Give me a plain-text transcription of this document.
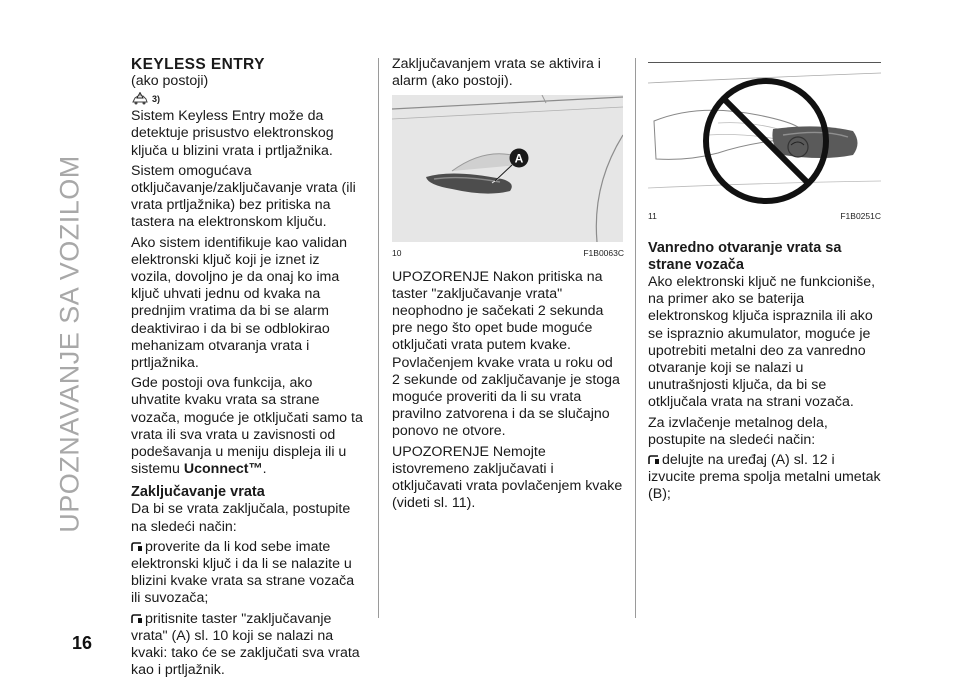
UPOZNAVANJE SA VOZILOM

KEYLESS ENTRY

(ako postoji)

3)

Sistem Keyless Entry može da detektuje prisustvo elektronskog ključa u blizini vrata i prtljažnika.

Sistem omogućava otključavanje/zaključavanje vrata (ili vrata prtljažnika) bez pritiska na tastera na elektronskom ključu.

Ako sistem identifikuje kao validan elektronski ključ koji je iznet iz vozila, dovoljno je da onaj ko ima ključ uhvati jednu od kvaka na prednjim vratima da bi se alarm deaktivirao i da bi se odblokirao mehanizam otvaranja vrata i prtljažnika.

Gde postoji ova funkcija, ako uhvatite kvaku vrata sa strane vozača, moguće je otključati samo ta vrata ili sva vrata u zavisnosti od podešavanja u meniju displeja ili u sistemu Uconnect™.

Zaključavanje vrata

Da bi se vrata zaključala, postupite na sledeći način:

proverite da li kod sebe imate elektronski ključ i da li se nalazite u blizini kvake vrata sa strane vozača ili suvozača;

pritisnite taster "zaključavanje vrata" (A) sl. 10 koji se nalazi na kvaki: tako će se zaključati sva vrata kao i prtljažnik.

Zaključavanjem vrata se aktivira i alarm (ako postoji).

A
10	F1B0063C

UPOZORENJE Nakon pritiska na taster "zaključavanje vrata" neophodno je sačekati 2 sekunda pre nego što opet bude moguće otključati vrata putem kvake. Povlačenjem kvake vrata u roku od 2 sekunde od zaključavanje je stoga moguće proveriti da li su vrata pravilno zatvorena i da se slučajno ponovo ne otvore.

UPOZORENJE Nemojte istovremeno zaključavati i otključavati vrata povlačenjem kvake (videti sl. 11).

11	F1B0251C

Vanredno otvaranje vrata sa strane vozača

Ako elektronski ključ ne funkcioniše, na primer ako se baterija elektronskog ključa ispraznila ili ako se ispraznio akumulator, moguće je upotrebiti metalni deo za vanredno otvaranje koji se nalazi u unutrašnjosti ključa, da bi se otključala vrata na strani vozača.

Za izvlačenje metalnog dela, postupite na sledeći način:

delujte na uređaj (A) sl. 12 i izvucite prema spolja metalni umetak (B);

16
